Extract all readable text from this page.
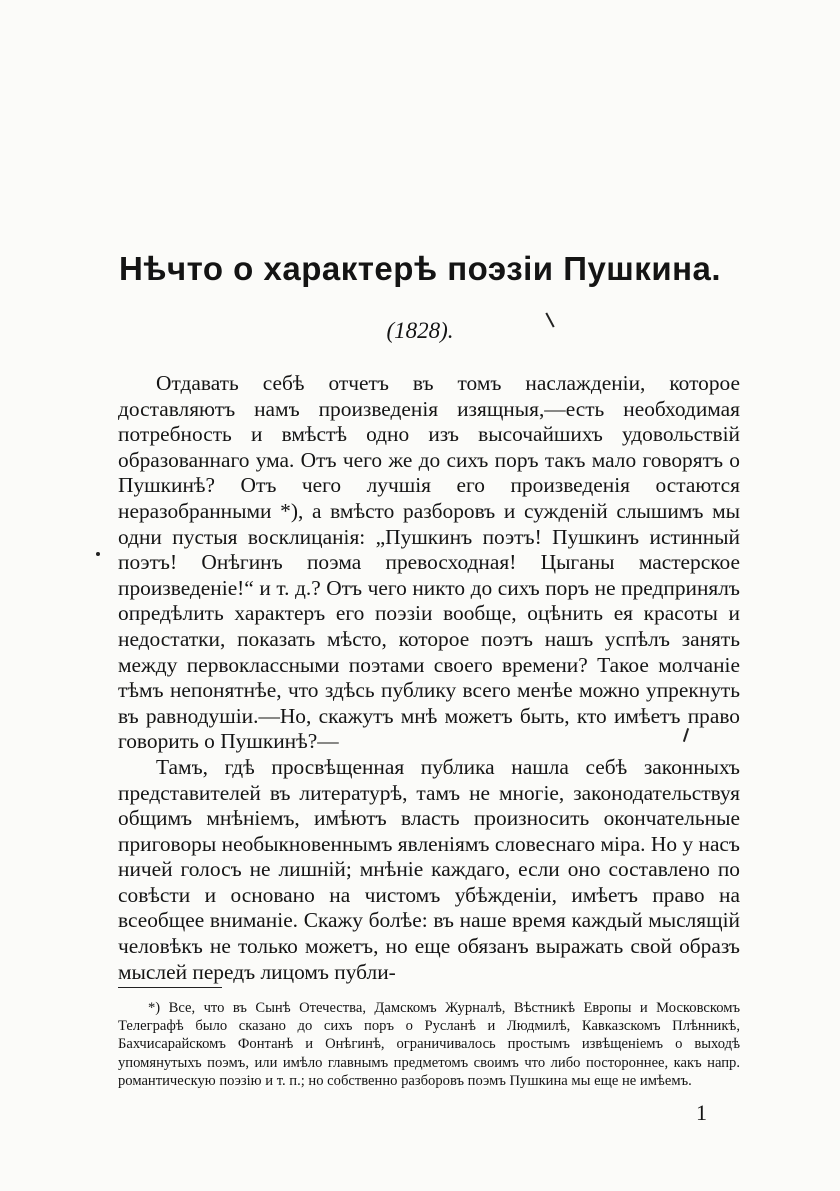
Нѣчто о характерѣ поэзіи Пушкина.
(1828).

Отдавать себѣ отчетъ въ томъ наслажденіи, которое доставляютъ намъ произведенія изящныя,—есть необходимая потребность и вмѣстѣ одно изъ высочайшихъ удовольствій образованнаго ума. Отъ чего же до сихъ поръ такъ мало говорятъ о Пушкинѣ? Отъ чего лучшія его произведенія остаются неразобранными *), а вмѣсто разборовъ и сужденій слышимъ мы одни пустыя восклицанія: „Пушкинъ поэтъ! Пушкинъ истинный поэтъ! Онѣгинъ поэма превосходная! Цыганы мастерское произведеніе!“ и т. д.? Отъ чего никто до сихъ поръ не предпринялъ опредѣлить характеръ его поэзіи вообще, оцѣнить ея красоты и недостатки, показать мѣсто, которое поэтъ нашъ успѣлъ занять между первоклассными поэтами своего времени? Такое молчаніе тѣмъ непонятнѣе, что здѣсь публику всего менѣе можно упрекнуть въ равнодушіи.—Но, скажутъ мнѣ можетъ быть, кто имѣетъ право говорить о Пушкинѣ?—

Тамъ, гдѣ просвѣщенная публика нашла себѣ законныхъ представителей въ литературѣ, тамъ не многіе, законодательствуя общимъ мнѣніемъ, имѣютъ власть произносить окончательные приговоры необыкновеннымъ явленіямъ словеснаго міра. Но у насъ ничей голосъ не лишній; мнѣніе каждаго, если оно составлено по совѣсти и основано на чистомъ убѣжденіи, имѣетъ право на всеобщее вниманіе. Скажу болѣе: въ наше время каждый мыслящій человѣкъ не только можетъ, но еще обязанъ выражать свой образъ мыслей передъ лицомъ публи-

*) Все, что въ Сынѣ Отечества, Дамскомъ Журналѣ, Вѣстникѣ Европы и Московскомъ Телеграфѣ было сказано до сихъ поръ о Русланѣ и Людмилѣ, Кавказскомъ Плѣнникѣ, Бахчисарайскомъ Фонтанѣ и Онѣгинѣ, ограничивалось простымъ извѣщеніемъ о выходѣ упомянутыхъ поэмъ, или имѣло главнымъ предметомъ своимъ что либо постороннее, какъ напр. романтическую поэзію и т. п.; но собственно разборовъ поэмъ Пушкина мы еще не имѣемъ.

1
